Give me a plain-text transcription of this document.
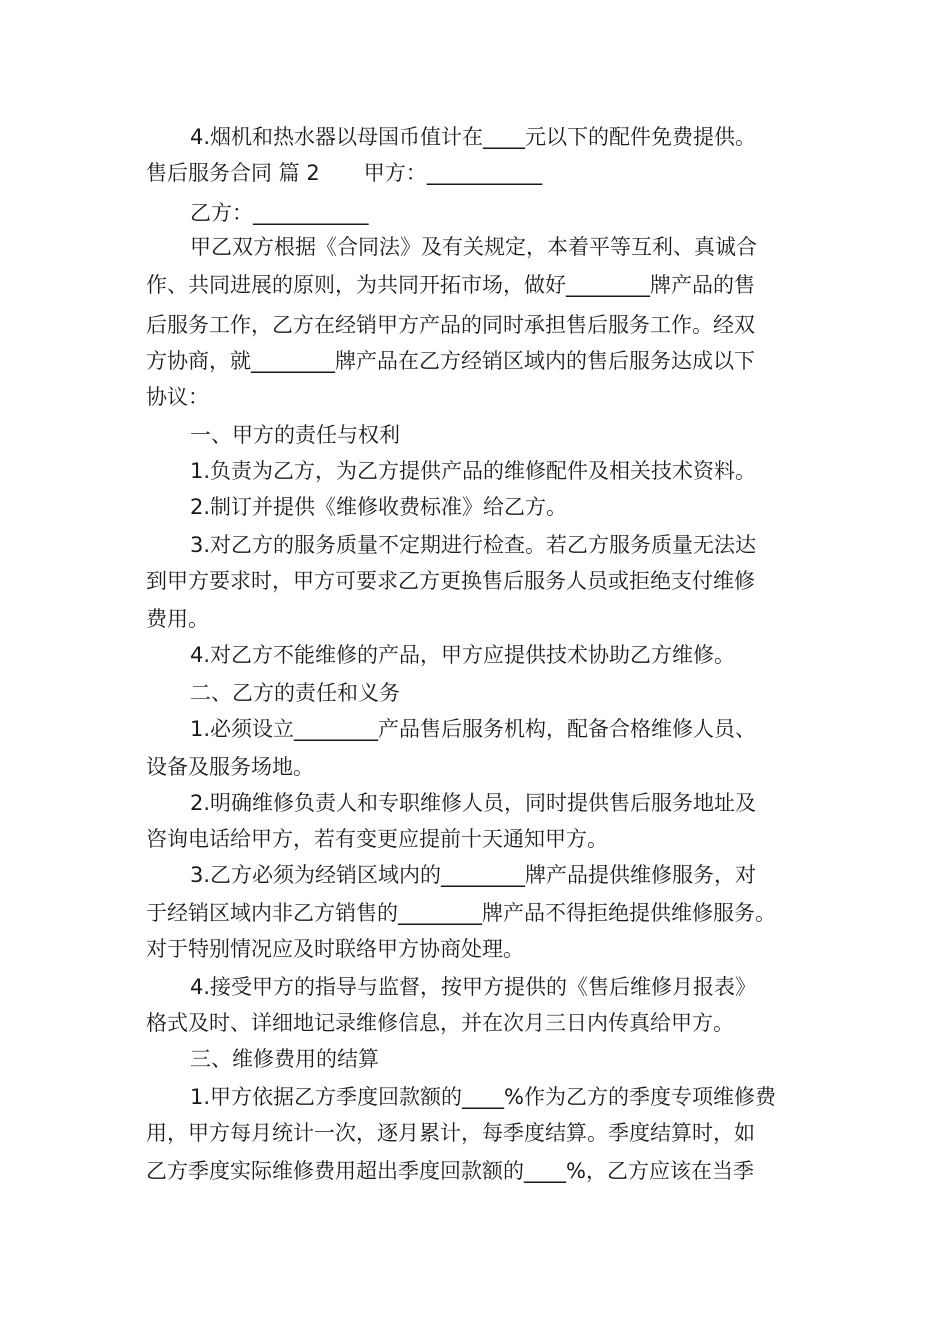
4.烟机和热水器以母国币值计在____元以下的配件免费提供。
售后服务合同 篇 2 甲方：___________
乙方：___________
甲乙双方根据《合同法》及有关规定，本着平等互利、真诚合
作、共同进展的原则，为共同开拓市场，做好________牌产品的售
后服务工作，乙方在经销甲方产品的同时承担售后服务工作。经双
方协商，就________牌产品在乙方经销区域内的售后服务达成以下
协议：
一、甲方的责任与权利
1.负责为乙方，为乙方提供产品的维修配件及相关技术资料。
2.制订并提供《维修收费标准》给乙方。
3.对乙方的服务质量不定期进行检查。若乙方服务质量无法达
到甲方要求时，甲方可要求乙方更换售后服务人员或拒绝支付维修
费用。
4.对乙方不能维修的产品，甲方应提供技术协助乙方维修。
二、乙方的责任和义务
1.必须设立________产品售后服务机构，配备合格维修人员、
设备及服务场地。
2.明确维修负责人和专职维修人员，同时提供售后服务地址及
咨询电话给甲方，若有变更应提前十天通知甲方。
3.乙方必须为经销区域内的________牌产品提供维修服务，对
于经销区域内非乙方销售的________牌产品不得拒绝提供维修服务。
对于特别情况应及时联络甲方协商处理。
4.接受甲方的指导与监督，按甲方提供的《售后维修月报表》
格式及时、详细地记录维修信息，并在次月三日内传真给甲方。
三、维修费用的结算
1.甲方依据乙方季度回款额的____%作为乙方的季度专项维修费
用，甲方每月统计一次，逐月累计，每季度结算。季度结算时，如
乙方季度实际维修费用超出季度回款额的____%，乙方应该在当季
